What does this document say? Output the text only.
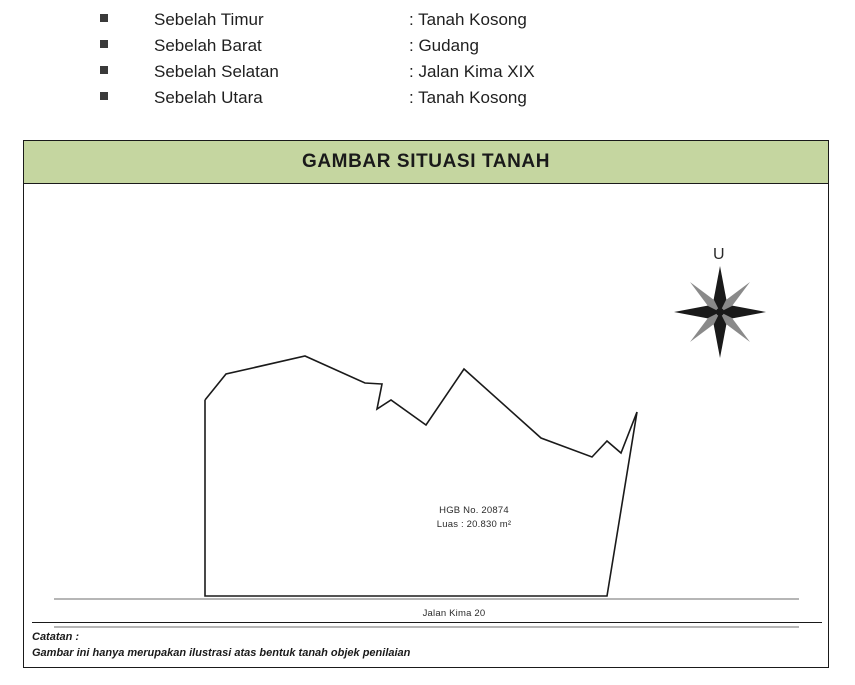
Sebelah Timur	: Tanah Kosong
Sebelah Barat	: Gudang
Sebelah Selatan	: Jalan Kima XIX
Sebelah Utara	: Tanah Kosong
GAMBAR SITUASI TANAH
U
HGB No. 20874
Luas : 20.830 m²
Jalan Kima 20
Catatan :
Gambar ini hanya merupakan ilustrasi atas bentuk tanah objek penilaian
